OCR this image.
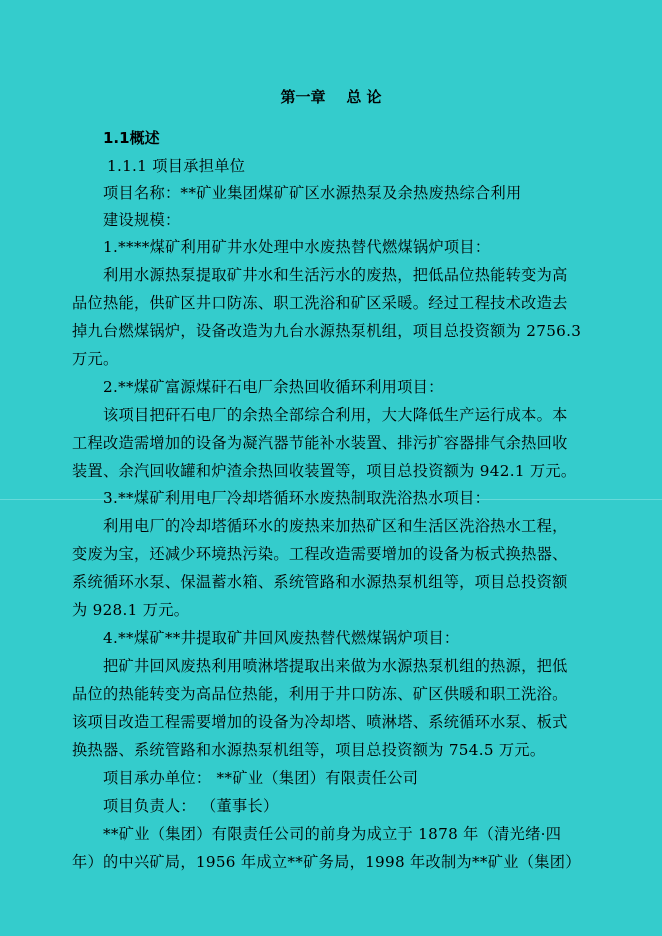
第一章    总 论
1.1概述
1.1.1 项目承担单位
项目名称：**矿业集团煤矿矿区水源热泵及余热废热综合利用
建设规模：
1.****煤矿利用矿井水处理中水废热替代燃煤锅炉项目：
利用水源热泵提取矿井水和生活污水的废热，把低品位热能转变为高
品位热能，供矿区井口防冻、职工洗浴和矿区采暖。经过工程技术改造去
掉九台燃煤锅炉，设备改造为九台水源热泵机组，项目总投资额为 2756.3
万元。
2.**煤矿富源煤矸石电厂余热回收循环利用项目：
该项目把矸石电厂的余热全部综合利用，大大降低生产运行成本。本
工程改造需增加的设备为凝汽器节能补水装置、排污扩容器排气余热回收
装置、余汽回收罐和炉渣余热回收装置等，项目总投资额为 942.1 万元。
3.**煤矿利用电厂冷却塔循环水废热制取洗浴热水项目：
利用电厂的冷却塔循环水的废热来加热矿区和生活区洗浴热水工程，
变废为宝，还减少环境热污染。工程改造需要增加的设备为板式换热器、
系统循环水泵、保温蓄水箱、系统管路和水源热泵机组等，项目总投资额
为 928.1 万元。
4.**煤矿**井提取矿井回风废热替代燃煤锅炉项目：
把矿井回风废热利用喷淋塔提取出来做为水源热泵机组的热源，把低
品位的热能转变为高品位热能，利用于井口防冻、矿区供暖和职工洗浴。
该项目改造工程需要增加的设备为冷却塔、喷淋塔、系统循环水泵、板式
换热器、系统管路和水源热泵机组等，项目总投资额为 754.5 万元。
项目承办单位： **矿业（集团）有限责任公司
项目负责人： （董事长）
**矿业（集团）有限责任公司的前身为成立于 1878 年（清光绪·四
年）的中兴矿局，1956 年成立**矿务局，1998 年改制为**矿业（集团）
